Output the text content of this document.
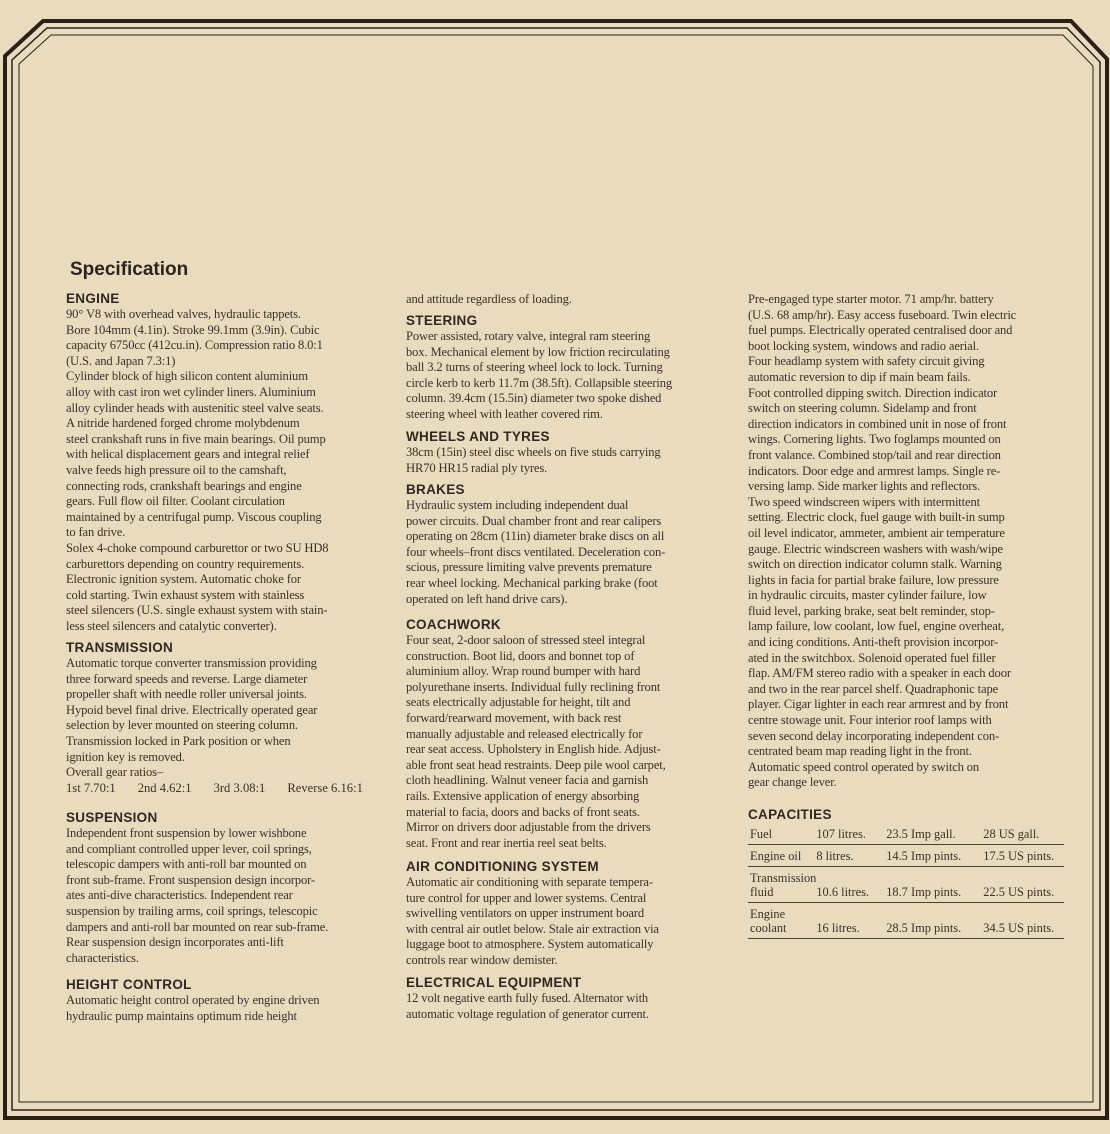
Specification
ENGINE

90° V8 with overhead valves, hydraulic tappets.

Bore 104mm (4.1in). Stroke 99.1mm (3.9in). Cubic

capacity 6750cc (412cu.in). Compression ratio 8.0:1

(U.S. and Japan 7.3:1)

Cylinder block of high silicon content aluminium

alloy with cast iron wet cylinder liners. Aluminium

alloy cylinder heads with austenitic steel valve seats.

A nitride hardened forged chrome molybdenum

steel crankshaft runs in five main bearings. Oil pump

with helical displacement gears and integral relief

valve feeds high pressure oil to the camshaft,

connecting rods, crankshaft bearings and engine

gears. Full flow oil filter. Coolant circulation

maintained by a centrifugal pump. Viscous coupling

to fan drive.

Solex 4-choke compound carburettor or two SU HD8

carburettors depending on country requirements.

Electronic ignition system. Automatic choke for

cold starting. Twin exhaust system with stainless

steel silencers (U.S. single exhaust system with stain-

less steel silencers and catalytic converter).

TRANSMISSION

Automatic torque converter transmission providing

three forward speeds and reverse. Large diameter

propeller shaft with needle roller universal joints.

Hypoid bevel final drive. Electrically operated gear

selection by lever mounted on steering column.

Transmission locked in Park position or when

ignition key is removed.

Overall gear ratios–

1st 7.70:1 2nd 4.62:1 3rd 3.08:1 Reverse 6.16:1
SUSPENSION

Independent front suspension by lower wishbone

and compliant controlled upper lever, coil springs,

telescopic dampers with anti-roll bar mounted on

front sub-frame. Front suspension design incorpor-

ates anti-dive characteristics. Independent rear

suspension by trailing arms, coil springs, telescopic

dampers and anti-roll bar mounted on rear sub-frame.

Rear suspension design incorporates anti-lift

characteristics.

HEIGHT CONTROL

Automatic height control operated by engine driven

hydraulic pump maintains optimum ride height

and attitude regardless of loading.

STEERING

Power assisted, rotary valve, integral ram steering

box. Mechanical element by low friction recirculating

ball 3.2 turns of steering wheel lock to lock. Turning

circle kerb to kerb 11.7m (38.5ft). Collapsible steering

column. 39.4cm (15.5in) diameter two spoke dished

steering wheel with leather covered rim.

WHEELS AND TYRES

38cm (15in) steel disc wheels on five studs carrying

HR70 HR15 radial ply tyres.

BRAKES

Hydraulic system including independent dual

power circuits. Dual chamber front and rear calipers

operating on 28cm (11in) diameter brake discs on all

four wheels–front discs ventilated. Deceleration con-

scious, pressure limiting valve prevents premature

rear wheel locking. Mechanical parking brake (foot

operated on left hand drive cars).

COACHWORK

Four seat, 2-door saloon of stressed steel integral

construction. Boot lid, doors and bonnet top of

aluminium alloy. Wrap round bumper with hard

polyurethane inserts. Individual fully reclining front

seats electrically adjustable for height, tilt and

forward/rearward movement, with back rest

manually adjustable and released electrically for

rear seat access. Upholstery in English hide. Adjust-

able front seat head restraints. Deep pile wool carpet,

cloth headlining. Walnut veneer facia and garnish

rails. Extensive application of energy absorbing

material to facia, doors and backs of front seats.

Mirror on drivers door adjustable from the drivers

seat. Front and rear inertia reel seat belts.

AIR CONDITIONING SYSTEM

Automatic air conditioning with separate tempera-

ture control for upper and lower systems. Central

swivelling ventilators on upper instrument board

with central air outlet below. Stale air extraction via

luggage boot to atmosphere. System automatically

controls rear window demister.

ELECTRICAL EQUIPMENT

12 volt negative earth fully fused. Alternator with

automatic voltage regulation of generator current.

Pre-engaged type starter motor. 71 amp/hr. battery

(U.S. 68 amp/hr). Easy access fuseboard. Twin electric

fuel pumps. Electrically operated centralised door and

boot locking system, windows and radio aerial.

Four headlamp system with safety circuit giving

automatic reversion to dip if main beam fails.

Foot controlled dipping switch. Direction indicator

switch on steering column. Sidelamp and front

direction indicators in combined unit in nose of front

wings. Cornering lights. Two foglamps mounted on

front valance. Combined stop/tail and rear direction

indicators. Door edge and armrest lamps. Single re-

versing lamp. Side marker lights and reflectors.

Two speed windscreen wipers with intermittent

setting. Electric clock, fuel gauge with built-in sump

oil level indicator, ammeter, ambient air temperature

gauge. Electric windscreen washers with wash/wipe

switch on direction indicator column stalk. Warning

lights in facia for partial brake failure, low pressure

in hydraulic circuits, master cylinder failure, low

fluid level, parking brake, seat belt reminder, stop-

lamp failure, low coolant, low fuel, engine overheat,

and icing conditions. Anti-theft provision incorpor-

ated in the switchbox. Solenoid operated fuel filler

flap. AM/FM stereo radio with a speaker in each door

and two in the rear parcel shelf. Quadraphonic tape

player. Cigar lighter in each rear armrest and by front

centre stowage unit. Four interior roof lamps with

seven second delay incorporating independent con-

centrated beam map reading light in the front.

Automatic speed control operated by switch on

gear change lever.

CAPACITIES
Fuel	107 litres.	23.5 Imp gall.	28 US gall.
Engine oil	8 litres.	14.5 Imp pints.	17.5 US pints.
Transmission fluid	10.6 litres.	18.7 Imp pints.	22.5 US pints.
Engine coolant	16 litres.	28.5 Imp pints.	34.5 US pints.
